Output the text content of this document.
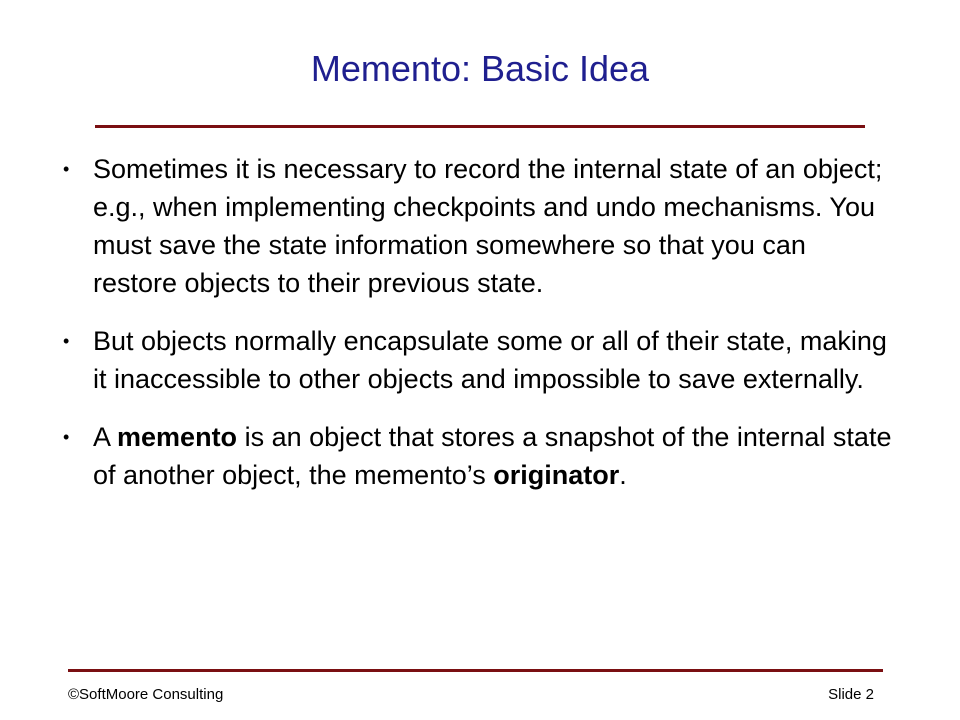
Memento: Basic Idea
• Sometimes it is necessary to record the internal state of an object; e.g., when implementing checkpoints and undo mechanisms. You must save the state information somewhere so that you can restore objects to their previous state.
• But objects normally encapsulate some or all of their state, making it inaccessible to other objects and impossible to save externally.
• A memento is an object that stores a snapshot of the internal state of another object, the memento’s originator.
©SoftMoore Consulting	Slide 2
